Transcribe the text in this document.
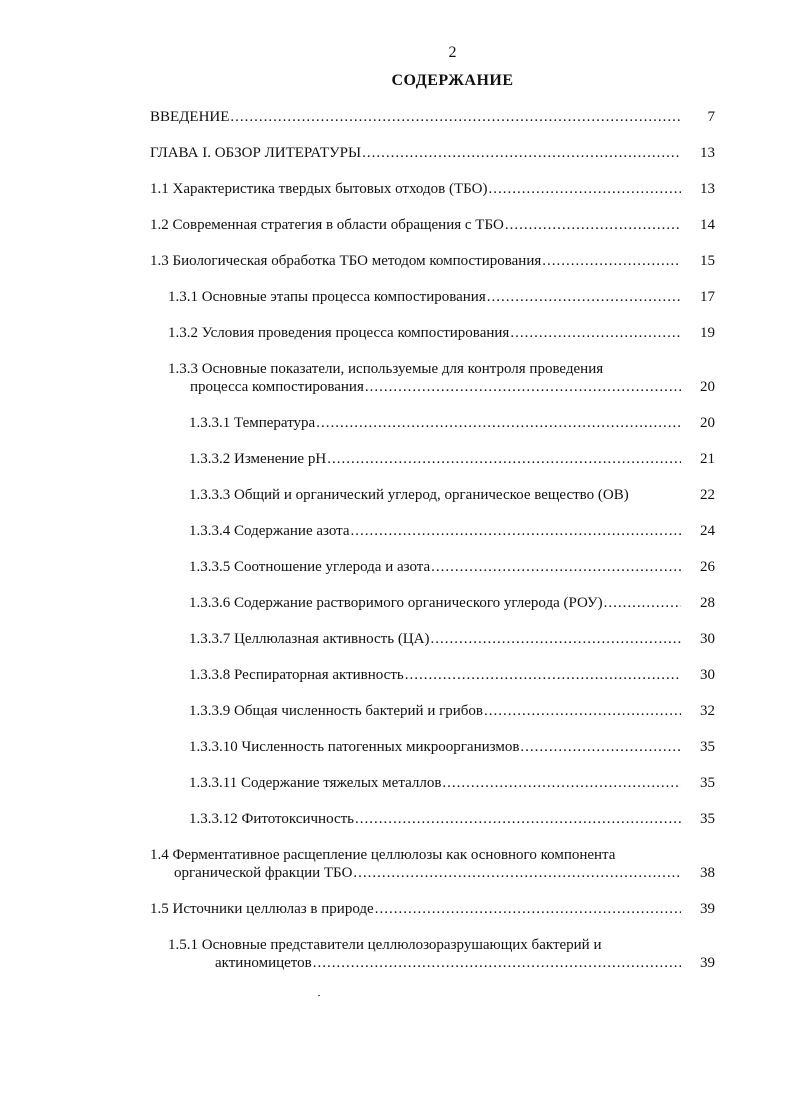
2
СОДЕРЖАНИЕ
ВВЕДЕНИЕ .....	7
ГЛАВА I. ОБЗОР ЛИТЕРАТУРЫ .....	13
1.1 Характеристика твердых бытовых отходов (ТБО) .....	13
1.2 Современная стратегия в области обращения с ТБО .....	14
1.3 Биологическая обработка ТБО методом компостирования .....	15
1.3.1 Основные этапы процесса компостирования .....	17
1.3.2 Условия проведения процесса компостирования .....	19
1.3.3 Основные показатели, используемые для контроля проведения
процесса компостирования .....	20
1.3.3.1 Температура .....	20
1.3.3.2 Изменение рН .....	21
1.3.3.3 Общий и органический углерод, органическое вещество (ОВ)	22
1.3.3.4 Содержание азота .....	24
1.3.3.5 Соотношение углерода и азота .....	26
1.3.3.6 Содержание растворимого органического углерода (РОУ) .....	28
1.3.3.7 Целлюлазная активность (ЦА) .....	30
1.3.3.8 Респираторная активность .....	30
1.3.3.9 Общая численность бактерий и грибов .....	32
1.3.3.10 Численность патогенных микроорганизмов .....	35
1.3.3.11 Содержание тяжелых металлов .....	35
1.3.3.12 Фитотоксичность .....	35
1.4 Ферментативное расщепление целлюлозы как основного компонента
органической фракции ТБО .....	38
1.5 Источники целлюлаз в природе .....	39
1.5.1 Основные представители целлюлозоразрушающих бактерий и
актиномицетов .....	39
